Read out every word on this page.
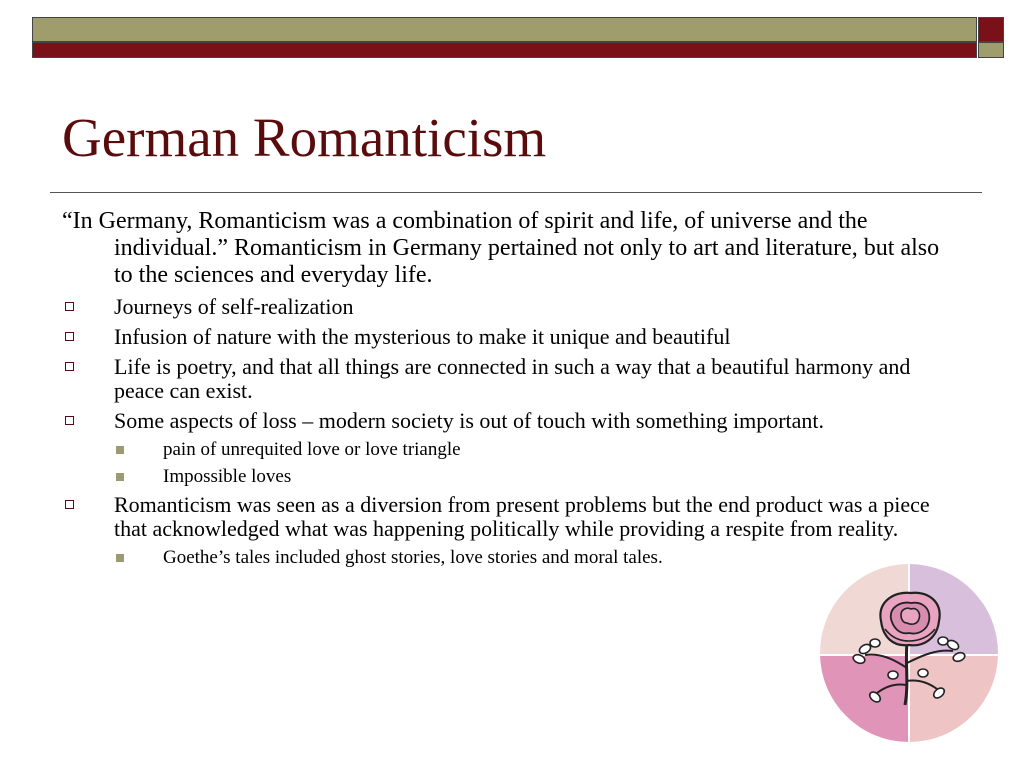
German Romanticism

“In Germany, Romanticism was a combination of spirit and life, of universe and the individual.” Romanticism in Germany pertained not only to art and literature, but also to the sciences and everyday life.

Journeys of self-realization
Infusion of nature with the mysterious to make it unique and beautiful
Life is poetry, and that all things are connected in such a way that a beautiful harmony and peace can exist.
Some aspects of loss – modern society is out of touch with something important.
pain of unrequited love or love triangle
Impossible loves
Romanticism was seen as a diversion from present problems but the end product was a piece that acknowledged what was happening politically while providing a respite from reality.
Goethe’s tales included ghost stories, love stories and moral tales.
